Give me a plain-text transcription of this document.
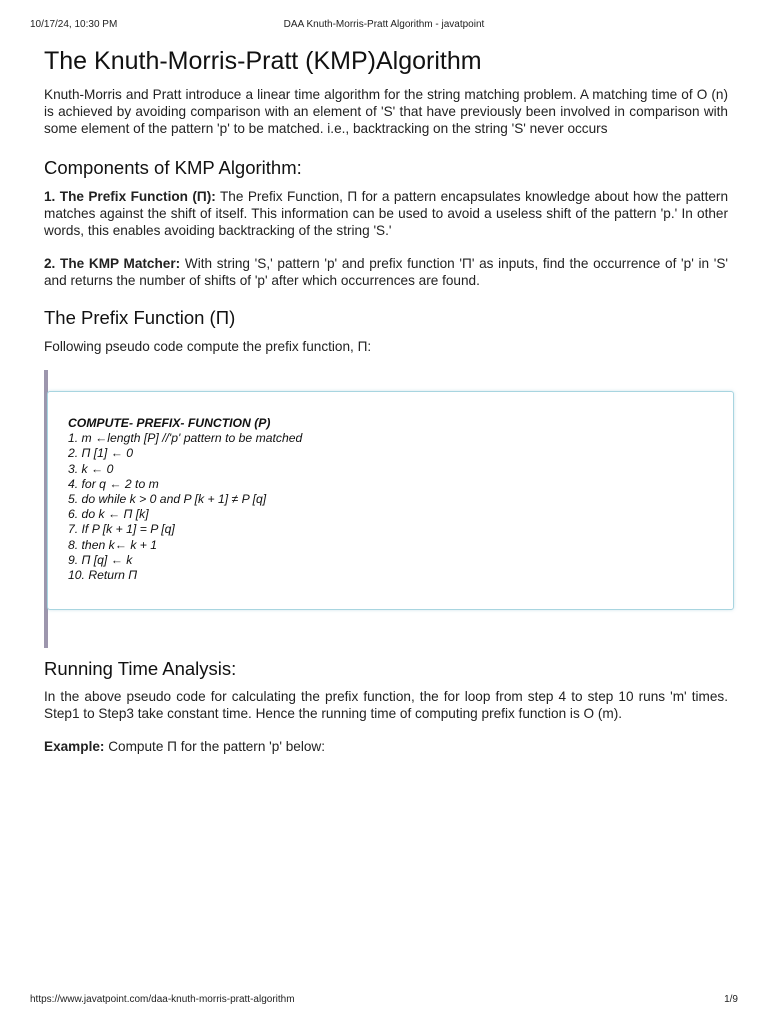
10/17/24, 10:30 PM	DAA Knuth-Morris-Pratt Algorithm - javatpoint
The Knuth-Morris-Pratt (KMP)Algorithm

Knuth-Morris and Pratt introduce a linear time algorithm for the string matching problem. A matching time of O (n) is achieved by avoiding comparison with an element of 'S' that have previously been involved in comparison with some element of the pattern 'p' to be matched. i.e., backtracking on the string 'S' never occurs

Components of KMP Algorithm:

1. The Prefix Function (Π): The Prefix Function, Π for a pattern encapsulates knowledge about how the pattern matches against the shift of itself. This information can be used to avoid a useless shift of the pattern 'p.' In other words, this enables avoiding backtracking of the string 'S.'

2. The KMP Matcher: With string 'S,' pattern 'p' and prefix function 'Π' as inputs, find the occurrence of 'p' in 'S' and returns the number of shifts of 'p' after which occurrences are found.

The Prefix Function (Π)

Following pseudo code compute the prefix function, Π:

COMPUTE- PREFIX- FUNCTION (P)
1. m ←length [P] //'p' pattern to be matched
2. Π [1] ← 0
3. k ← 0
4. for q ← 2 to m
5. do while k > 0 and P [k + 1] ≠ P [q]
6. do k ← Π [k]
7. If P [k + 1] = P [q]
8. then k← k + 1
9. Π [q] ← k
10. Return Π
Running Time Analysis:

In the above pseudo code for calculating the prefix function, the for loop from step 4 to step 10 runs 'm' times. Step1 to Step3 take constant time. Hence the running time of computing prefix function is O (m).

Example: Compute Π for the pattern 'p' below:

https://www.javatpoint.com/daa-knuth-morris-pratt-algorithm	1/9
